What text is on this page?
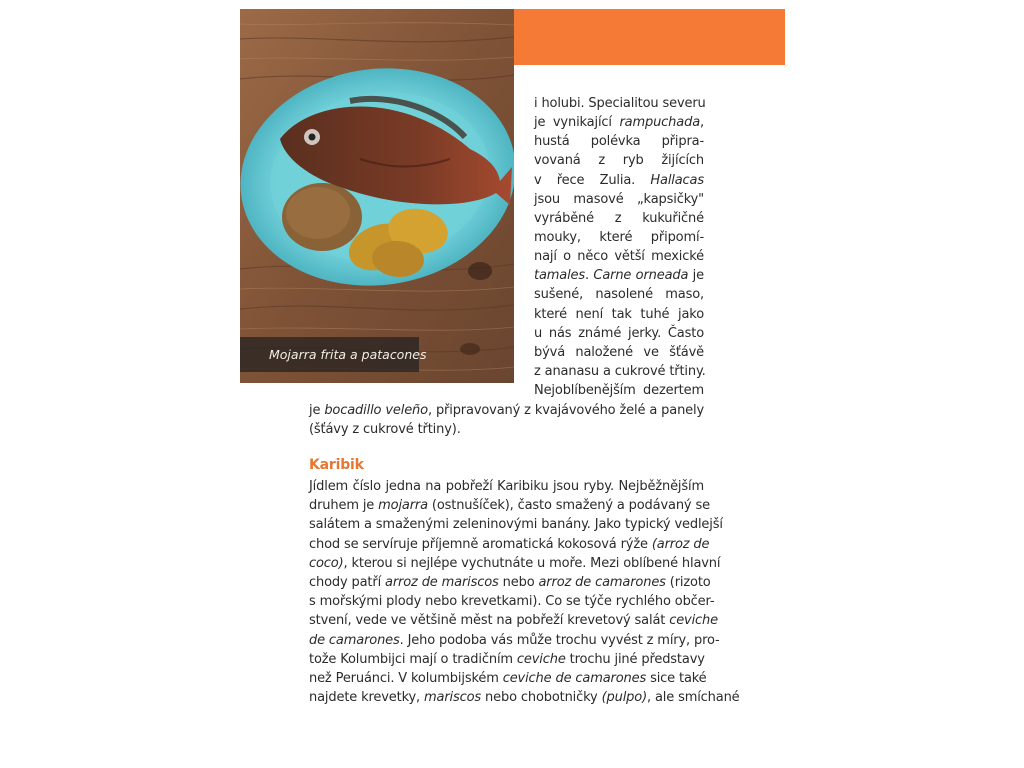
Mojarra frita a patacones
i holubi. Specialitou severu
je vynikající rampuchada,
hustá polévka připra-
vovaná z ryb žijících
v řece Zulia. Hallacas
jsou masové „kapsičky"
vyráběné z kukuřičné
mouky, které připomí-
nají o něco větší mexické
tamales. Carne orneada je
sušené, nasolené maso,
které není tak tuhé jako
u nás známé jerky. Často
bývá naložené ve šťávě
z ananasu a cukrové třtiny.
Nejoblíbenějším dezertem
je bocadillo veleño, připravovaný z kvajávového želé a panely
(šťávy z cukrové třtiny).
Karibik
Jídlem číslo jedna na pobřeží Karibiku jsou ryby. Nejběžnějším
druhem je mojarra (ostnušíček), často smažený a podávaný se
salátem a smaženými zeleninovými banány. Jako typický vedlejší
chod se servíruje příjemně aromatická kokosová rýže (arroz de
coco), kterou si nejlépe vychutnáte u moře. Mezi oblíbené hlavní
chody patří arroz de mariscos nebo arroz de camarones (rizoto
s mořskými plody nebo krevetkami). Co se týče rychlého občer-
stvení, vede ve většině měst na pobřeží krevetový salát ceviche
de camarones. Jeho podoba vás může trochu vyvést z míry, pro-
tože Kolumbijci mají o tradičním ceviche trochu jiné představy
než Peruánci. V kolumbijském ceviche de camarones sice také
najdete krevetky, mariscos nebo chobotničky (pulpo), ale smíchané
